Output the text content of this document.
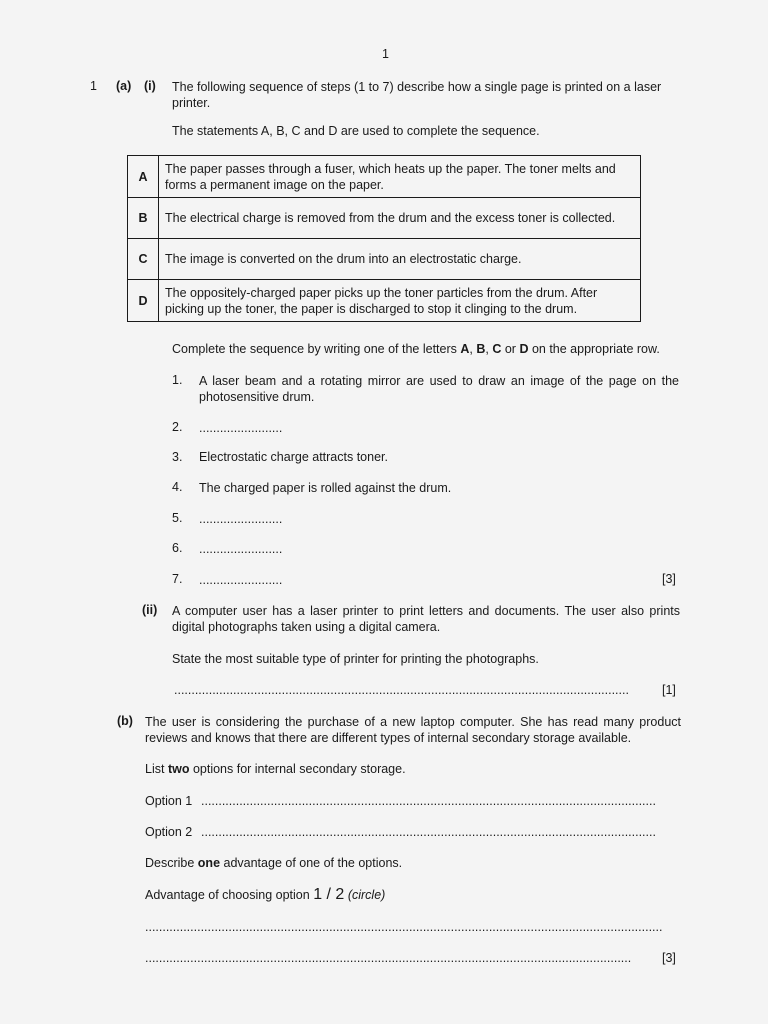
1
1 (a) (i) The following sequence of steps (1 to 7) describe how a single page is printed on a laser printer.
The statements A, B, C and D are used to complete the sequence.
A	The paper passes through a fuser, which heats up the paper. The toner melts and forms a permanent image on the paper.
B	The electrical charge is removed from the drum and the excess toner is collected.
C	The image is converted on the drum into an electrostatic charge.
D	The oppositely-charged paper picks up the toner particles from the drum. After picking up the toner, the paper is discharged to stop it clinging to the drum.
Complete the sequence by writing one of the letters A, B, C or D on the appropriate row.
1. A laser beam and a rotating mirror are used to draw an image of the page on the photosensitive drum.
2. ........................
3. Electrostatic charge attracts toner.
4. The charged paper is rolled against the drum.
5. ........................
6. ........................
7. ........................	[3]
(ii) A computer user has a laser printer to print letters and documents. The user also prints digital photographs taken using a digital camera.
State the most suitable type of printer for printing the photographs.
...................................................................................................................................	[1]
(b) The user is considering the purchase of a new laptop computer. She has read many product reviews and knows that there are different types of internal secondary storage available.
List two options for internal secondary storage.
Option 1 ...................................................................................................................................
Option 2 ...................................................................................................................................
Describe one advantage of one of the options.
Advantage of choosing option 1 / 2 (circle)
.....................................................................................................................................................
............................................................................................................................................ [3]
